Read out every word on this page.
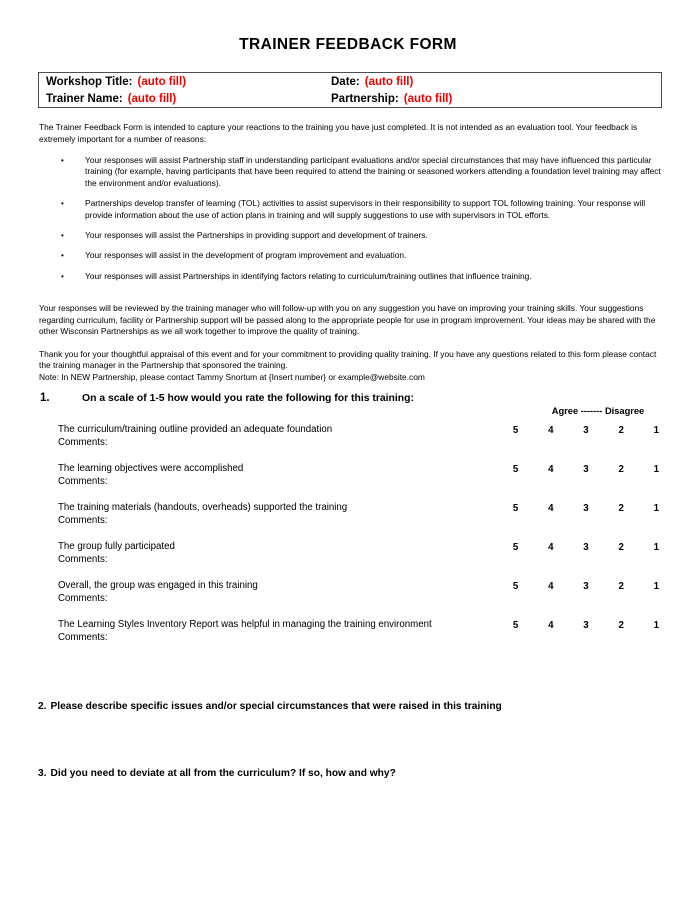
TRAINER FEEDBACK FORM
Workshop Title: (auto fill)	Date: (auto fill)
Trainer Name: (auto fill)	Partnership: (auto fill)
The Trainer Feedback Form is intended to capture your reactions to the training you have just completed. It is not intended as an evaluation tool. Your feedback is extremely important for a number of reasons:
•	Your responses will assist Partnership staff in understanding participant evaluations and/or special circumstances that may have influenced this particular training (for example, having participants that have been required to attend the training or seasoned workers attending a foundation level training may affect the environment and/or evaluations).
•	Partnerships develop transfer of learning (TOL) activities to assist supervisors in their responsibility to support TOL following training. Your response will provide information about the use of action plans in training and will supply suggestions to use with supervisors in TOL efforts.
•	Your responses will assist the Partnerships in providing support and development of trainers.
•	Your responses will assist in the development of program improvement and evaluation.
•	Your responses will assist Partnerships in identifying factors relating to curriculum/training outlines that influence training.

Your responses will be reviewed by the training manager who will follow-up with you on any suggestion you have on improving your training skills. Your suggestions regarding curriculum, facility or Partnership support will be passed along to the appropriate people for use in program improvement. Your ideas may be shared with the other Wisconsin Partnerships as we all work together to improve the quality of training.

Thank you for your thoughtful appraisal of this event and for your commitment to providing quality training. If you have any questions related to this form please contact the training manager in the Partnership that sponsored the training.
Note: In NEW Partnership, please contact Tammy Snortum at {Insert number} or example@website.com

1.	On a scale of 1-5 how would you rate the following for this training:
Agree ------- Disagree
The curriculum/training outline provided an adequate foundation
Comments:
5	4	3	2	1
The learning objectives were accomplished
Comments:
5	4	3	2	1
The training materials (handouts, overheads) supported the training
Comments:
5	4	3	2	1
The group fully participated
Comments:
5	4	3	2	1
Overall, the group was engaged in this training
Comments:
5	4	3	2	1
The Learning Styles Inventory Report was helpful in managing the training environment
Comments:
5	4	3	2	1
2. Please describe specific issues and/or special circumstances that were raised in this training
3. Did you need to deviate at all from the curriculum? If so, how and why?
